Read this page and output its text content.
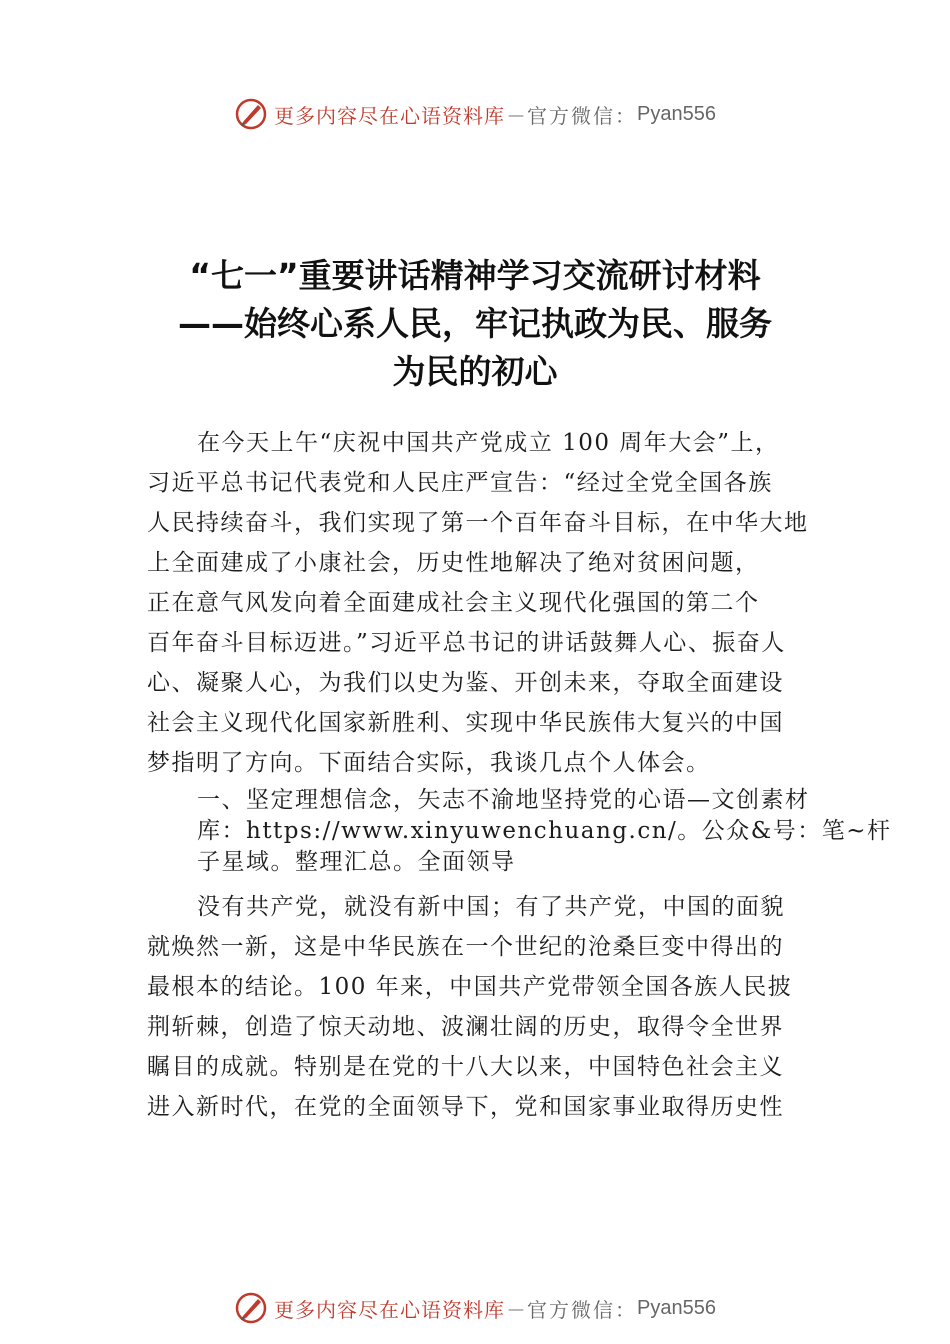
更多内容尽在心语资料库 — 官方微信： Pyan556
“七一”重要讲话精神学习交流研讨材料
——始终心系人民，牢记执政为民、服务
为民的初心
在今天上午“庆祝中国共产党成立 100 周年大会”上，
习近平总书记代表党和人民庄严宣告：“经过全党全国各族
人民持续奋斗，我们实现了第一个百年奋斗目标，在中华大地
上全面建成了小康社会，历史性地解决了绝对贫困问题，
正在意气风发向着全面建成社会主义现代化强国的第二个
百年奋斗目标迈进。”习近平总书记的讲话鼓舞人心、振奋人
心、凝聚人心，为我们以史为鉴、开创未来，夺取全面建设
社会主义现代化国家新胜利、实现中华民族伟大复兴的中国
梦指明了方向。下面结合实际，我谈几点个人体会。
一、坚定理想信念，矢志不渝地坚持党的心语—文创素材
库：https://www.xinyuwenchuang.cn/。公众&号：笔~杆
子星域。整理汇总。全面领导
没有共产党，就没有新中国；有了共产党，中国的面貌
就焕然一新，这是中华民族在一个世纪的沧桑巨变中得出的
最根本的结论。100 年来，中国共产党带领全国各族人民披
荆斩棘，创造了惊天动地、波澜壮阔的历史，取得令全世界
瞩目的成就。特别是在党的十八大以来，中国特色社会主义
进入新时代，在党的全面领导下，党和国家事业取得历史性
更多内容尽在心语资料库 — 官方微信： Pyan556
